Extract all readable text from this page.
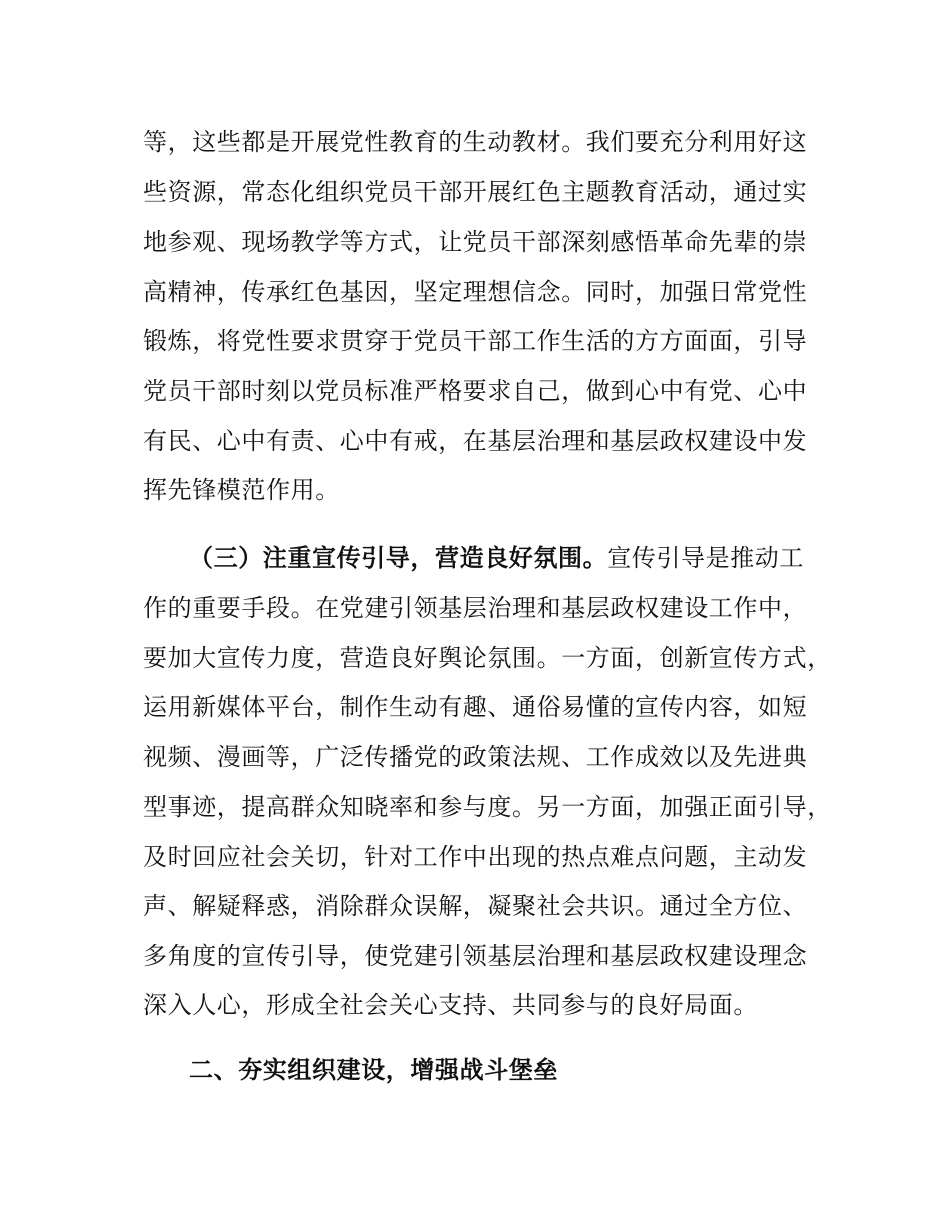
等，这些都是开展党性教育的生动教材。我们要充分利用好这
些资源，常态化组织党员干部开展红色主题教育活动，通过实
地参观、现场教学等方式，让党员干部深刻感悟革命先辈的崇
高精神，传承红色基因，坚定理想信念。同时，加强日常党性
锻炼，将党性要求贯穿于党员干部工作生活的方方面面，引导
党员干部时刻以党员标准严格要求自己，做到心中有党、心中
有民、心中有责、心中有戒，在基层治理和基层政权建设中发
挥先锋模范作用。
（三）注重宣传引导，营造良好氛围。宣传引导是推动工
作的重要手段。在党建引领基层治理和基层政权建设工作中，
要加大宣传力度，营造良好舆论氛围。一方面，创新宣传方式，
运用新媒体平台，制作生动有趣、通俗易懂的宣传内容，如短
视频、漫画等，广泛传播党的政策法规、工作成效以及先进典
型事迹，提高群众知晓率和参与度。另一方面，加强正面引导，
及时回应社会关切，针对工作中出现的热点难点问题，主动发
声、解疑释惑，消除群众误解，凝聚社会共识。通过全方位、
多角度的宣传引导，使党建引领基层治理和基层政权建设理念
深入人心，形成全社会关心支持、共同参与的良好局面。
二、夯实组织建设，增强战斗堡垒
